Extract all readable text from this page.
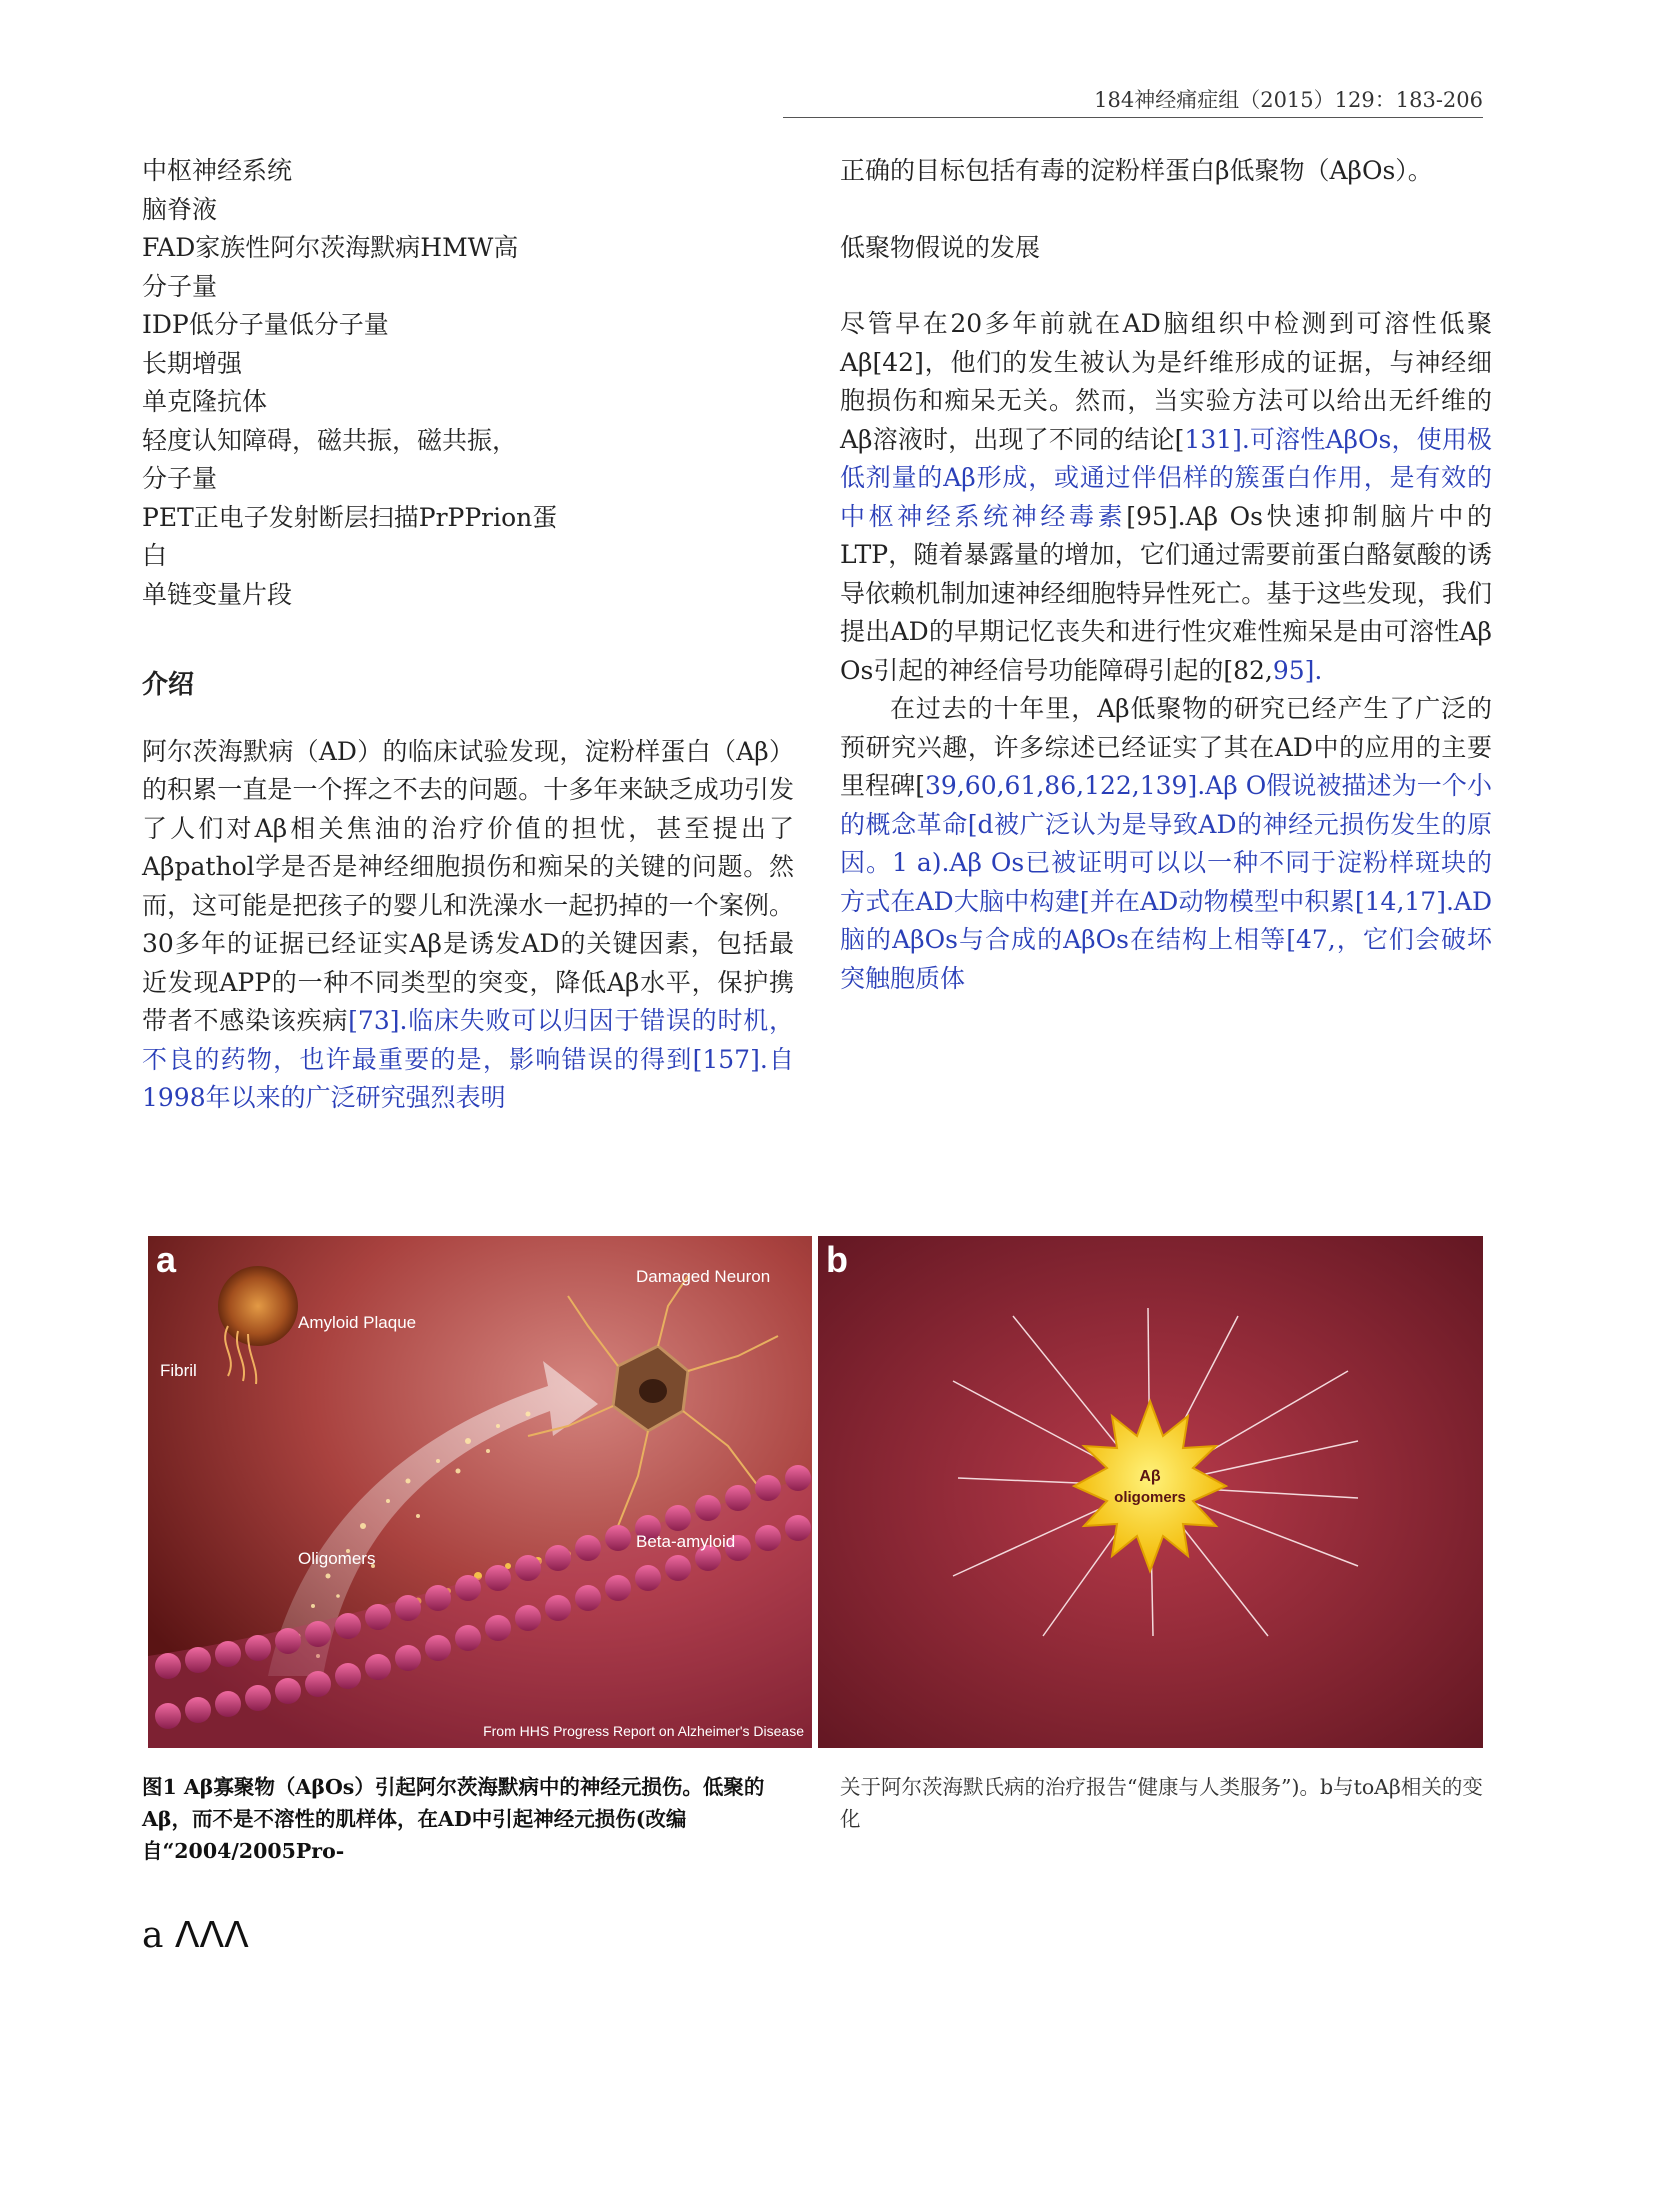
184神经痛症组（2015）129：183-206

中枢神经系统

脑脊液

FAD家族性阿尔茨海默病HMW高

分子量

IDP低分子量低分子量

长期增强

单克隆抗体

轻度认知障碍，磁共振，磁共振，

分子量

PET正电子发射断层扫描PrPPrion蛋

白

单链变量片段

介绍

阿尔茨海默病（AD）的临床试验发现，淀粉样蛋白（Aβ）的积累一直是一个挥之不去的问题。十多年来缺乏成功引发了人们对Aβ相关焦油的治疗价值的担忧，甚至提出了Aβpathol学是否是神经细胞损伤和痴呆的关键的问题。然而，这可能是把孩子的婴儿和洗澡水一起扔掉的一个案例。30多年的证据已经证实Aβ是诱发AD的关键因素，包括最近发现APP的一种不同类型的突变，降低Aβ水平，保护携带者不感染该疾病[73].临床失败可以归因于错误的时机，不良的药物，也许最重要的是，影响错误的得到[157].自1998年以来的广泛研究强烈表明

正确的目标包括有毒的淀粉样蛋白β低聚物（AβOs）。

低聚物假说的发展

尽管早在20多年前就在AD脑组织中检测到可溶性低聚Aβ[42]，他们的发生被认为是纤维形成的证据，与神经细胞损伤和痴呆无关。然而，当实验方法可以给出无纤维的Aβ溶液时，出现了不同的结论[131].可溶性AβOs，使用极低剂量的Aβ形成，或通过伴侣样的簇蛋白作用，是有效的中枢神经系统神经毒素[95].Aβ Os快速抑制脑片中的LTP，随着暴露量的增加，它们通过需要前蛋白酪氨酸的诱导依赖机制加速神经细胞特异性死亡。基于这些发现，我们提出AD的早期记忆丧失和进行性灾难性痴呆是由可溶性Aβ Os引起的神经信号功能障碍引起的[82,95].

在过去的十年里，Aβ低聚物的研究已经产生了广泛的预研究兴趣，许多综述已经证实了其在AD中的应用的主要里程碑[39,60,61,86,122,139].Aβ O假说被描述为一个小的概念革命[d被广泛认为是导致AD的神经元损伤发生的原因。1 a).Aβ Os已被证明可以以一种不同于淀粉样斑块的方式在AD大脑中构建[并在AD动物模型中积累[14,17].AD脑的AβOs与合成的AβOs在结构上相等[47,，它们会破坏突触胞质体

a	Damaged Neuron
Amyloid Plaque
Fibril
Oligomers
Beta-amyloid
From HHS Progress Report on Alzheimer's Disease
Aβ
oligomers
b
图1 Aβ寡聚物（AβOs）引起阿尔茨海默病中的神经元损伤。低聚的Aβ，而不是不溶性的肌样体，在AD中引起神经元损伤(改编自“2004/2005Pro-
关于阿尔茨海默氏病的治疗报告“健康与人类服务”)。b与toAβ相关的变化
a ᐱᐱᐱ
